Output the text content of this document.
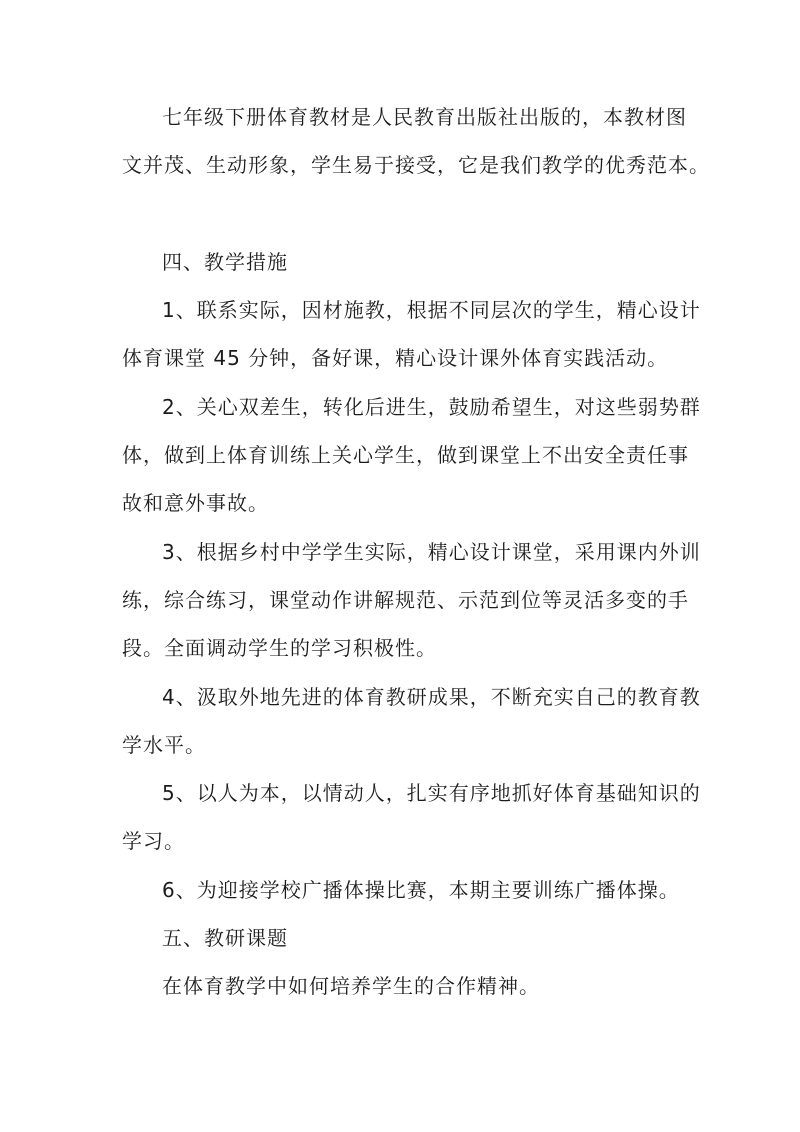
七年级下册体育教材是人民教育出版社出版的，本教材图
文并茂、生动形象，学生易于接受，它是我们教学的优秀范本。
四、教学措施
1、联系实际，因材施教，根据不同层次的学生，精心设计
体育课堂 45 分钟，备好课，精心设计课外体育实践活动。
2、关心双差生，转化后进生，鼓励希望生，对这些弱势群
体，做到上体育训练上关心学生，做到课堂上不出安全责任事
故和意外事故。
3、根据乡村中学学生实际，精心设计课堂，采用课内外训
练，综合练习，课堂动作讲解规范、示范到位等灵活多变的手
段。全面调动学生的学习积极性。
4、汲取外地先进的体育教研成果，不断充实自己的教育教
学水平。
5、以人为本，以情动人，扎实有序地抓好体育基础知识的
学习。
6、为迎接学校广播体操比赛，本期主要训练广播体操。
五、教研课题
在体育教学中如何培养学生的合作精神。
